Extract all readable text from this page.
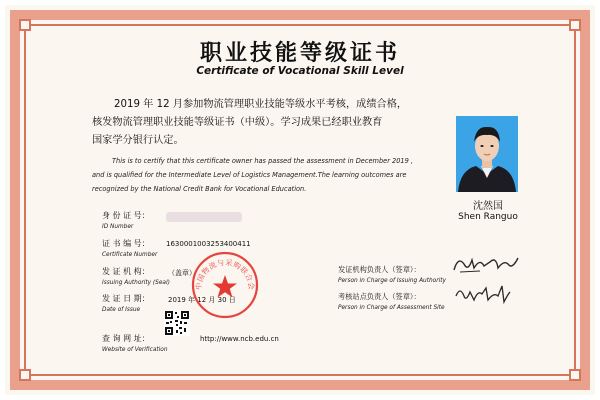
职业技能等级证书
Certificate of Vocational Skill Level
2019 年 12 月参加物流管理职业技能等级水平考核，成绩合格，
核发物流管理职业技能等级证书（中级）。学习成果已经职业教育
国家学分银行认定。
This is to certify that this certificate owner has passed the assessment in December 2019 ,
and is qualified for the Intermediate Level of Logistics Management.The learning outcomes are
recognized by the National Credit Bank for Vocational Education.
沈然国
Shen Ranguo
身 份 证 号：
ID Number
证 书 编 号： 1630001003253400411
Certificate Number
发 证 机 构：	（盖章）
Issuing Authority (Seal)
发 证 日 期：	2019 年 12 月 30 日
Date of Issue
查 询 网 址：	http://www.ncb.edu.cn
Website of Verification
中国物流与采购联合会
发证机构负责人（签章）：
Person in Charge of Issuing Authority
考核站点负责人（签章）：
Person in Charge of Assessment Site
